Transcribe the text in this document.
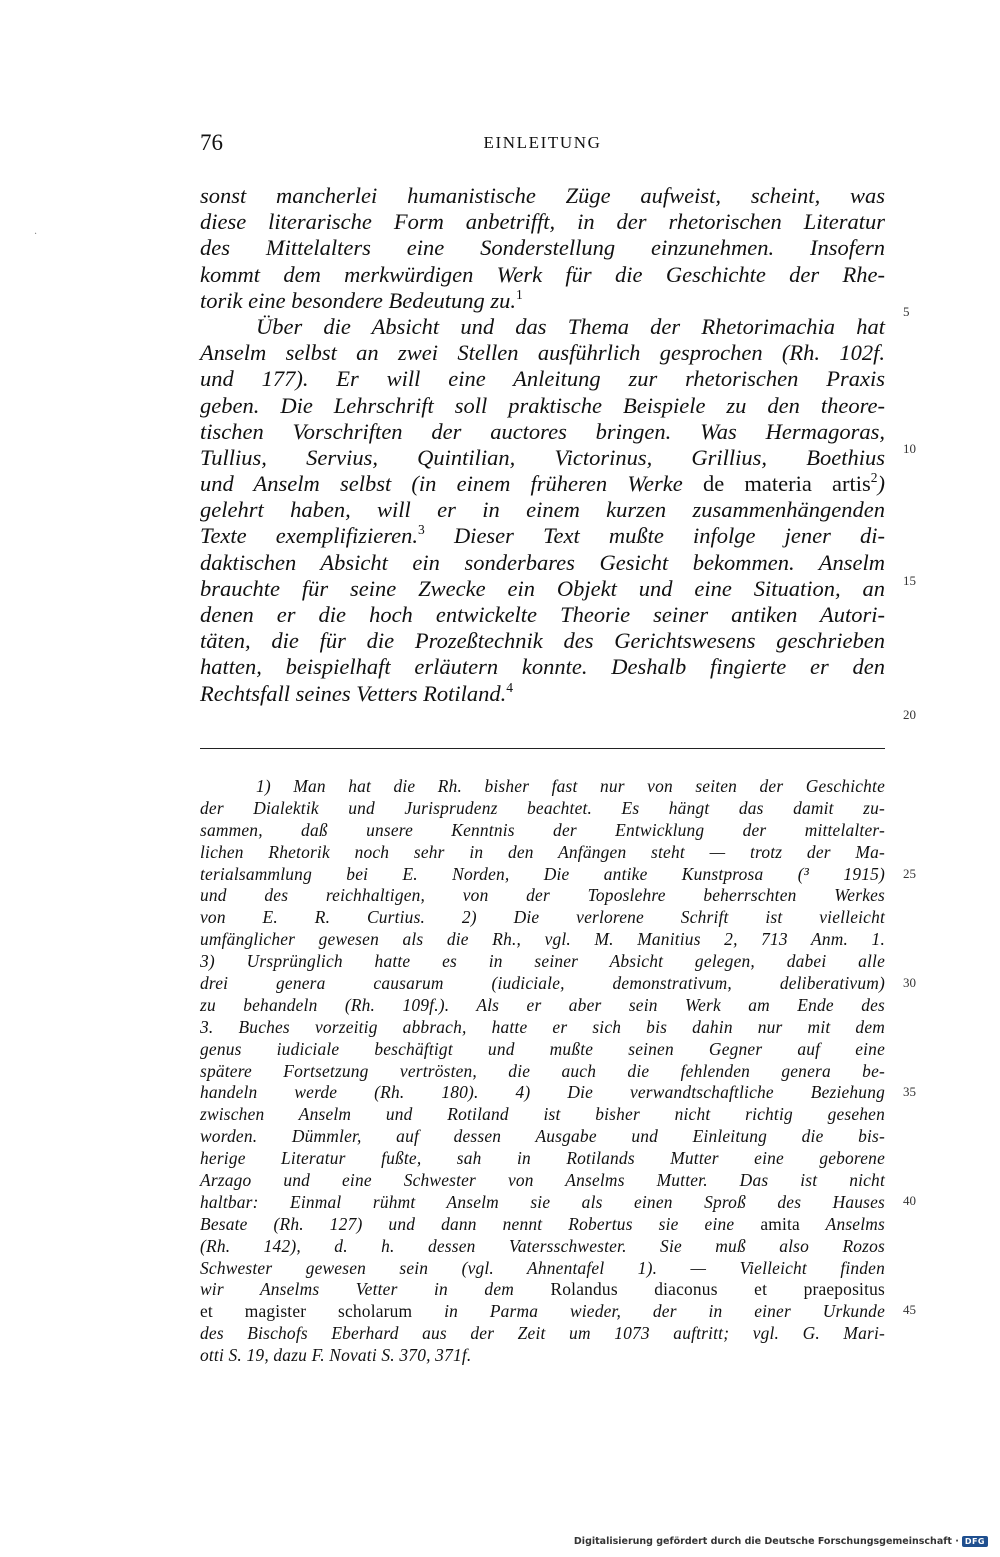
·
76	EINLEITUNG
sonst mancherlei humanistische Züge aufweist, scheint, was
diese literarische Form anbetrifft, in der rhetorischen Literatur
des Mittelalters eine Sonderstellung einzunehmen. Insofern
kommt dem merkwürdigen Werk für die Geschichte der Rhe-
torik eine besondere Bedeutung zu.$^1$
Über die Absicht und das Thema der Rhetorimachia hat
Anselm selbst an zwei Stellen ausführlich gesprochen (Rh. 102f.
und 177). Er will eine Anleitung zur rhetorischen Praxis
geben. Die Lehrschrift soll praktische Beispiele zu den theore-
tischen Vorschriften der auctores bringen. Was Hermagoras,
Tullius, Servius, Quintilian, Victorinus, Grillius, Boethius
und Anselm selbst (in einem früheren Werke de materia artis$^2$)
gelehrt haben, will er in einem kurzen zusammenhängenden
Texte exemplifizieren.$^3$ Dieser Text mußte infolge jener di-
daktischen Absicht ein sonderbares Gesicht bekommen. Anselm
brauchte für seine Zwecke ein Objekt und eine Situation, an
denen er die hoch entwickelte Theorie seiner antiken Autori-
täten, die für die Prozeßtechnik des Gerichtswesens geschrieben
hatten, beispielhaft erläutern konnte. Deshalb fingierte er den
Rechtsfall seines Vetters Rotiland.$^4$
1) Man hat die Rh. bisher fast nur von seiten der Geschichte
der Dialektik und Jurisprudenz beachtet. Es hängt das damit zu-
sammen, daß unsere Kenntnis der Entwicklung der mittelalter-
lichen Rhetorik noch sehr in den Anfängen steht — trotz der Ma-
terialsammlung bei E. Norden, Die antike Kunstprosa (³ 1915)
und des reichhaltigen, von der Toposlehre beherrschten Werkes
von E. R. Curtius. 2) Die verlorene Schrift ist vielleicht
umfänglicher gewesen als die Rh., vgl. M. Manitius 2, 713 Anm. 1.
3) Ursprünglich hatte es in seiner Absicht gelegen, dabei alle
drei genera causarum (iudiciale, demonstrativum, deliberativum)
zu behandeln (Rh. 109f.). Als er aber sein Werk am Ende des
3. Buches vorzeitig abbrach, hatte er sich bis dahin nur mit dem
genus iudiciale beschäftigt und mußte seinen Gegner auf eine
spätere Fortsetzung vertrösten, die auch die fehlenden genera be-
handeln werde (Rh. 180). 4) Die verwandtschaftliche Beziehung
zwischen Anselm und Rotiland ist bisher nicht richtig gesehen
worden. Dümmler, auf dessen Ausgabe und Einleitung die bis-
herige Literatur fußte, sah in Rotilands Mutter eine geborene
Arzago und eine Schwester von Anselms Mutter. Das ist nicht
haltbar: Einmal rühmt Anselm sie als einen Sproß des Hauses
Besate (Rh. 127) und dann nennt Robertus sie eine amita Anselms
(Rh. 142), d. h. dessen Vatersschwester. Sie muß also Rozos
Schwester gewesen sein (vgl. Ahnentafel 1). — Vielleicht finden
wir Anselms Vetter in dem Rolandus diaconus et praepositus
et magister scholarum in Parma wieder, der in einer Urkunde
des Bischofs Eberhard aus der Zeit um 1073 auftritt; vgl. G. Mari-
otti S. 19, dazu F. Novati S. 370, 371f.
5
10
15
20
25
30
35
40
45
Digitalisierung gefördert durch die Deutsche Forschungsgemeinschaft · DFG
